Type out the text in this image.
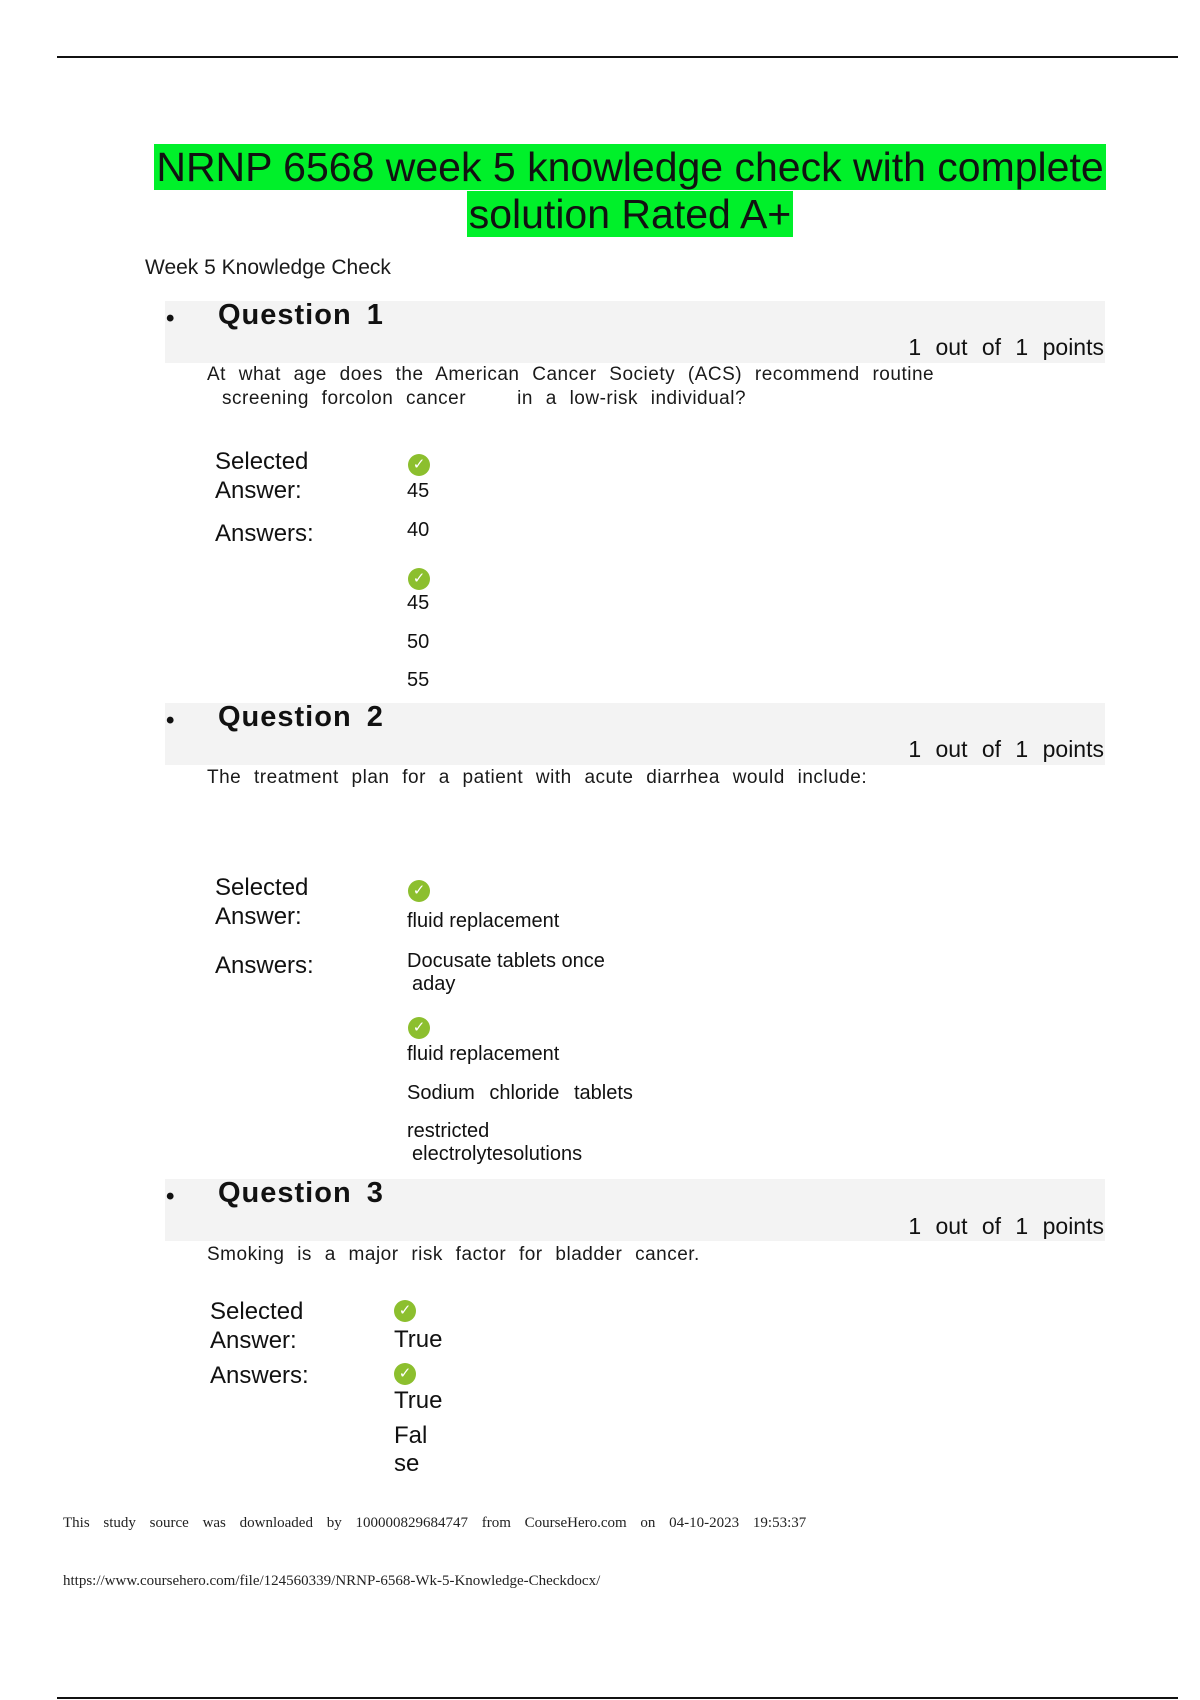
NRNP 6568 week 5 knowledge check with complete
solution Rated A+
Week 5 Knowledge Check
• Question 1
1 out of 1 points
At what age does the American Cancer Society (ACS) recommend routine
screening forcolon cancer    in a low-risk individual?
Selected
Answer:
✓
45
Answers:	40
✓
45
50
55
• Question 2
1 out of 1 points
The treatment plan for a patient with acute diarrhea would include:
Selected
Answer:
✓
fluid replacement
Answers:	Docusate tablets once
aday
✓
fluid replacement
Sodium chloride tablets
restricted
electrolytesolutions
• Question 3
1 out of 1 points
Smoking is a major risk factor for bladder cancer.
Selected
Answer:
✓
True
Answers:	✓
True
Fal
se
This study source was downloaded by 100000829684747 from CourseHero.com on 04-10-2023 19:53:37
https://www.coursehero.com/file/124560339/NRNP-6568-Wk-5-Knowledge-Checkdocx/
